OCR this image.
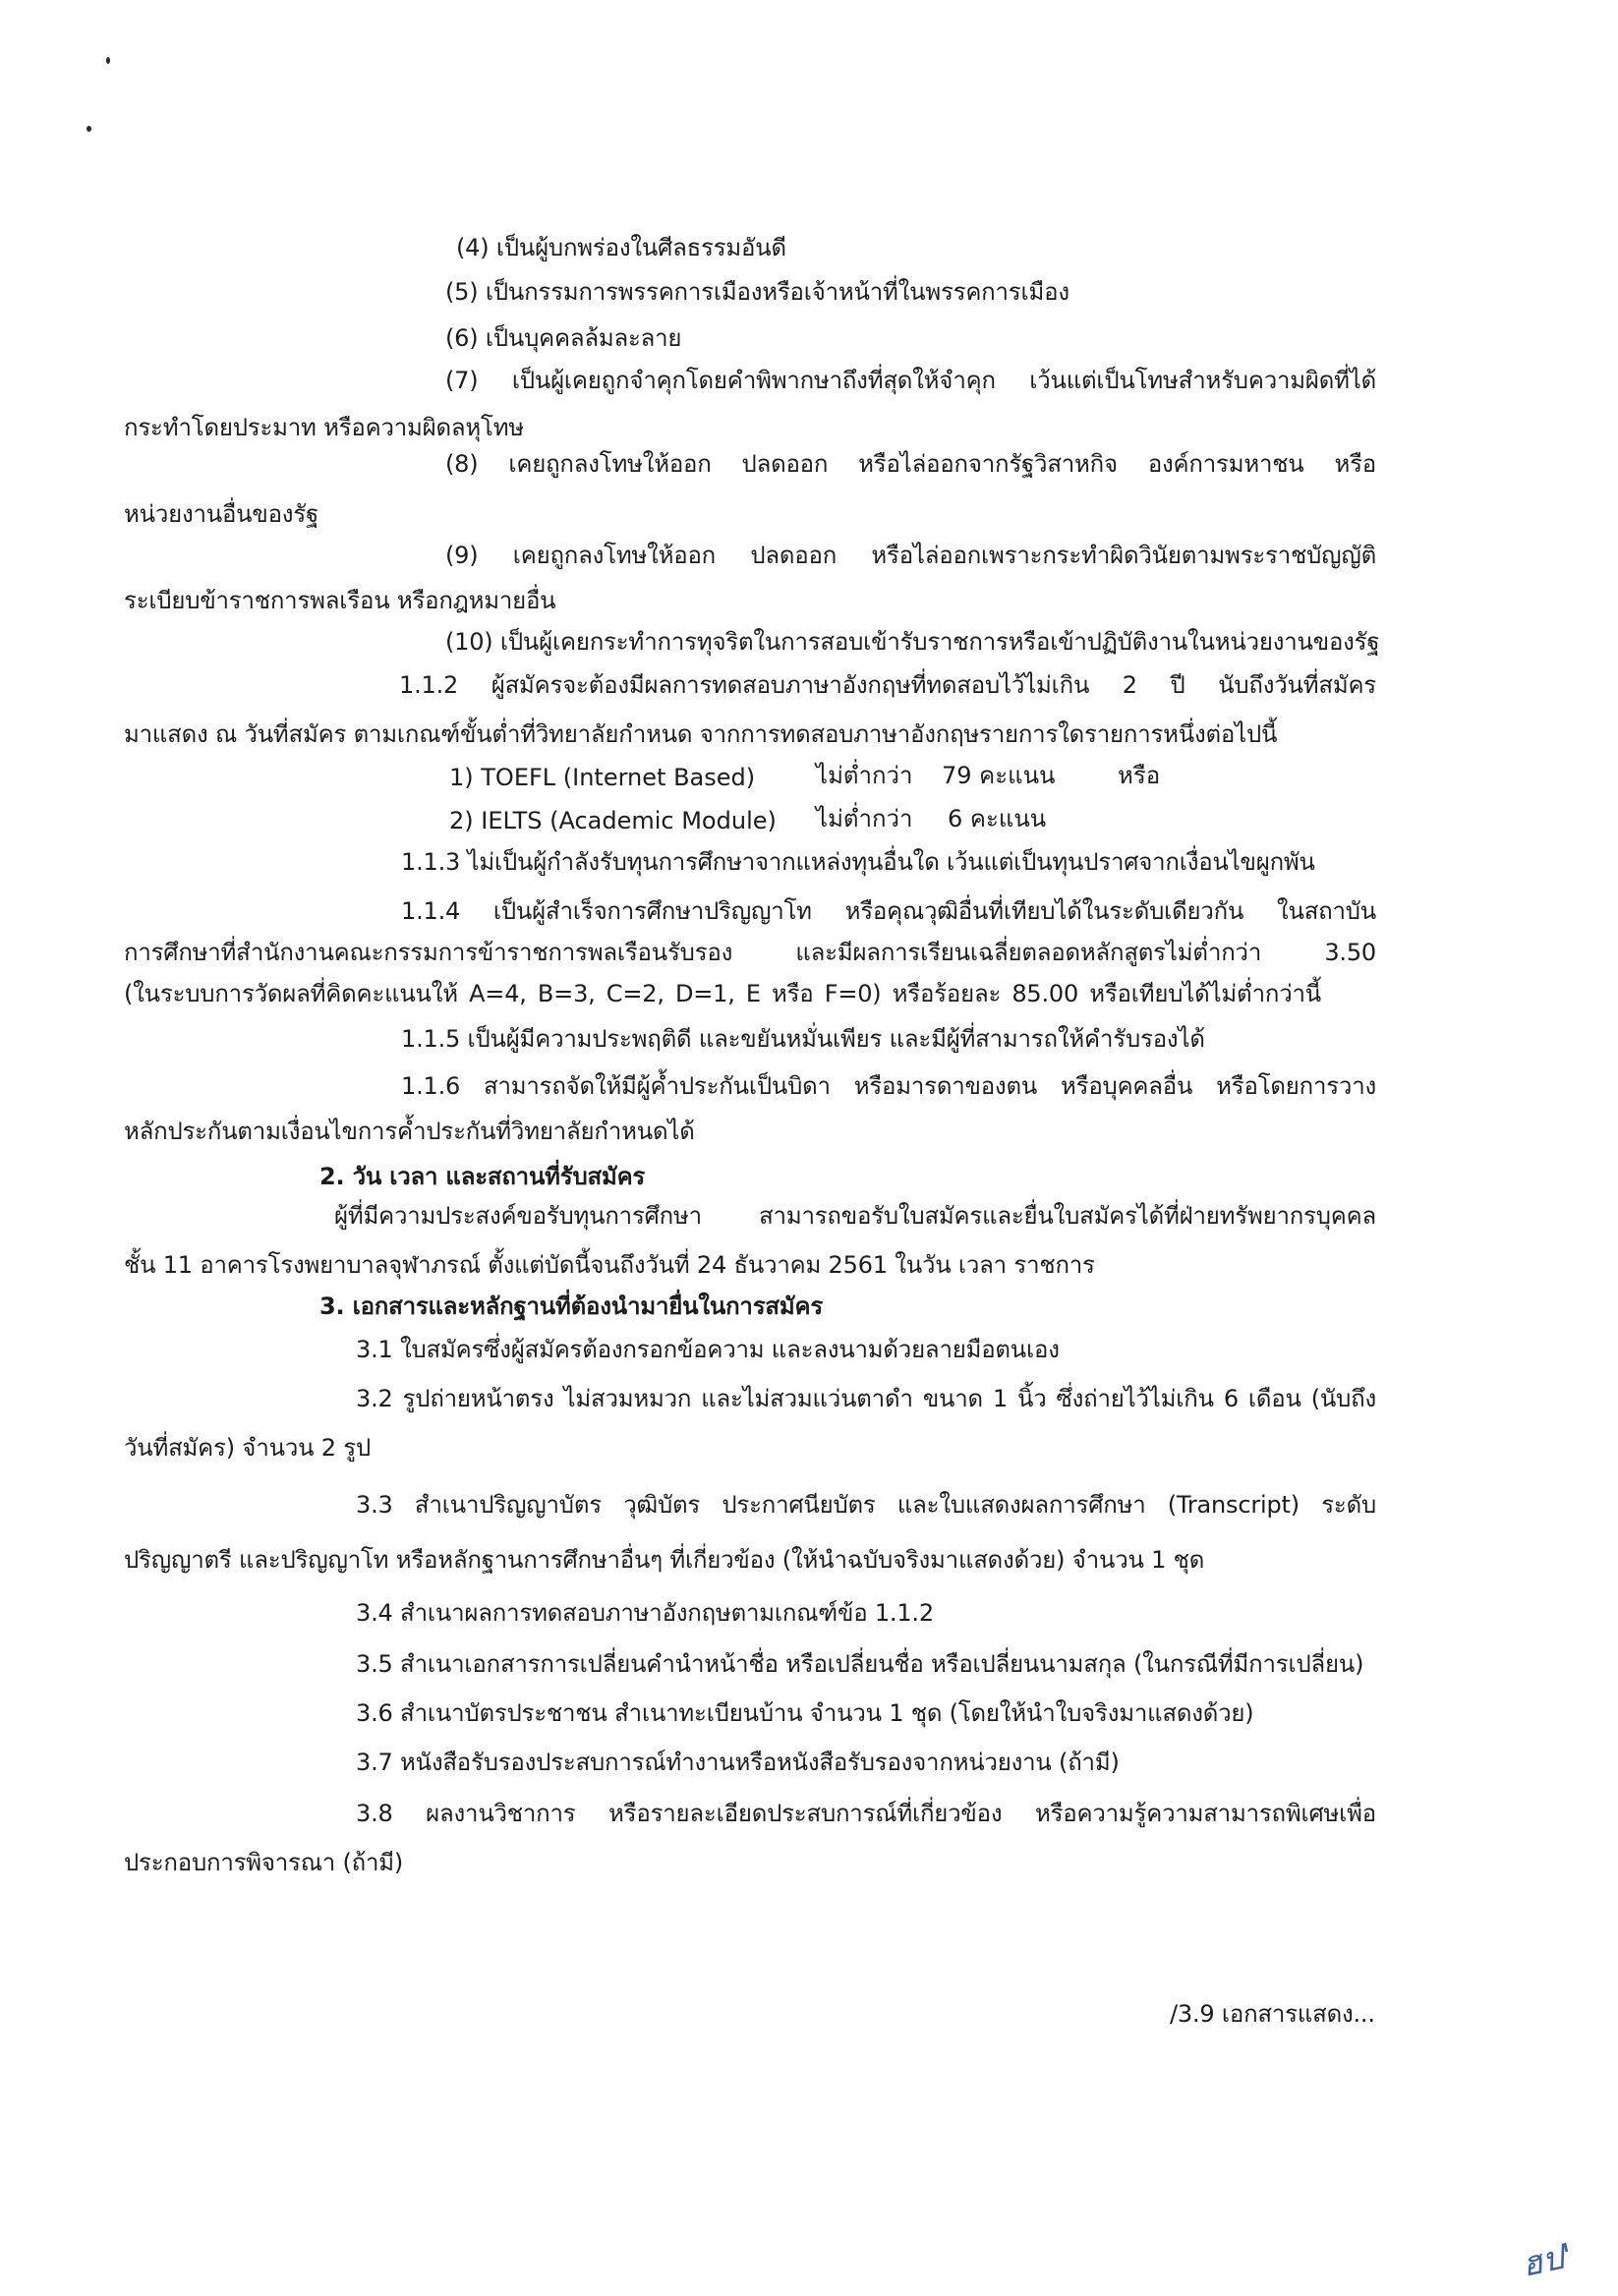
(4) เป็นผู้บกพร่องในศีลธรรมอันดี
(5) เป็นกรรมการพรรคการเมืองหรือเจ้าหน้าที่ในพรรคการเมือง
(6) เป็นบุคคลล้มละลาย
(7) เป็นผู้เคยถูกจำคุกโดยคำพิพากษาถึงที่สุดให้จำคุก เว้นแต่เป็นโทษสำหรับความผิดที่ได้
กระทำโดยประมาท หรือความผิดลหุโทษ
(8) เคยถูกลงโทษให้ออก ปลดออก หรือไล่ออกจากรัฐวิสาหกิจ องค์การมหาชน หรือ
หน่วยงานอื่นของรัฐ
(9) เคยถูกลงโทษให้ออก ปลดออก หรือไล่ออกเพราะกระทำผิดวินัยตามพระราชบัญญัติ
ระเบียบข้าราชการพลเรือน หรือกฎหมายอื่น
(10) เป็นผู้เคยกระทำการทุจริตในการสอบเข้ารับราชการหรือเข้าปฏิบัติงานในหน่วยงานของรัฐ
1.1.2 ผู้สมัครจะต้องมีผลการทดสอบภาษาอังกฤษที่ทดสอบไว้ไม่เกิน 2 ปี นับถึงวันที่สมัคร
มาแสดง ณ วันที่สมัคร ตามเกณฑ์ขั้นต่ำที่วิทยาลัยกำหนด จากการทดสอบภาษาอังกฤษรายการใดรายการหนึ่งต่อไปนี้
1) TOEFL (Internet Based)	ไม่ต่ำกว่า 79 คะแนน	หรือ
2) IELTS (Academic Module) ไม่ต่ำกว่า 6 คะแนน
1.1.3 ไม่เป็นผู้กำลังรับทุนการศึกษาจากแหล่งทุนอื่นใด เว้นแต่เป็นทุนปราศจากเงื่อนไขผูกพัน
1.1.4 เป็นผู้สำเร็จการศึกษาปริญญาโท หรือคุณวุฒิอื่นที่เทียบได้ในระดับเดียวกัน ในสถาบัน
การศึกษาที่สำนักงานคณะกรรมการข้าราชการพลเรือนรับรอง และมีผลการเรียนเฉลี่ยตลอดหลักสูตรไม่ต่ำกว่า 3.50
(ในระบบการวัดผลที่คิดคะแนนให้ A=4, B=3, C=2, D=1, E หรือ F=0) หรือร้อยละ 85.00 หรือเทียบได้ไม่ต่ำกว่านี้
1.1.5 เป็นผู้มีความประพฤติดี และขยันหมั่นเพียร และมีผู้ที่สามารถให้คำรับรองได้
1.1.6 สามารถจัดให้มีผู้ค้ำประกันเป็นบิดา หรือมารดาของตน หรือบุคคลอื่น หรือโดยการวาง
หลักประกันตามเงื่อนไขการค้ำประกันที่วิทยาลัยกำหนดได้
2. วัน เวลา และสถานที่รับสมัคร
ผู้ที่มีความประสงค์ขอรับทุนการศึกษา สามารถขอรับใบสมัครและยื่นใบสมัครได้ที่ฝ่ายทรัพยากรบุคคล
ชั้น 11 อาคารโรงพยาบาลจุฬาภรณ์ ตั้งแต่บัดนี้จนถึงวันที่ 24 ธันวาคม 2561 ในวัน เวลา ราชการ
3. เอกสารและหลักฐานที่ต้องนำมายื่นในการสมัคร
3.1 ใบสมัครซึ่งผู้สมัครต้องกรอกข้อความ และลงนามด้วยลายมือตนเอง
3.2 รูปถ่ายหน้าตรง ไม่สวมหมวก และไม่สวมแว่นตาดำ ขนาด 1 นิ้ว ซึ่งถ่ายไว้ไม่เกิน 6 เดือน (นับถึง
วันที่สมัคร) จำนวน 2 รูป
3.3 สำเนาปริญญาบัตร วุฒิบัตร ประกาศนียบัตร และใบแสดงผลการศึกษา (Transcript) ระดับ
ปริญญาตรี และปริญญาโท หรือหลักฐานการศึกษาอื่นๆ ที่เกี่ยวข้อง (ให้นำฉบับจริงมาแสดงด้วย) จำนวน 1 ชุด
3.4 สำเนาผลการทดสอบภาษาอังกฤษตามเกณฑ์ข้อ 1.1.2
3.5 สำเนาเอกสารการเปลี่ยนคำนำหน้าชื่อ หรือเปลี่ยนชื่อ หรือเปลี่ยนนามสกุล (ในกรณีที่มีการเปลี่ยน)
3.6 สำเนาบัตรประชาชน สำเนาทะเบียนบ้าน จำนวน 1 ชุด (โดยให้นำใบจริงมาแสดงด้วย)
3.7 หนังสือรับรองประสบการณ์ทำงานหรือหนังสือรับรองจากหน่วยงาน (ถ้ามี)
3.8 ผลงานวิชาการ หรือรายละเอียดประสบการณ์ที่เกี่ยวข้อง หรือความรู้ความสามารถพิเศษเพื่อ
ประกอบการพิจารณา (ถ้ามี)
/3.9 เอกสารแสดง...
ฮป'
